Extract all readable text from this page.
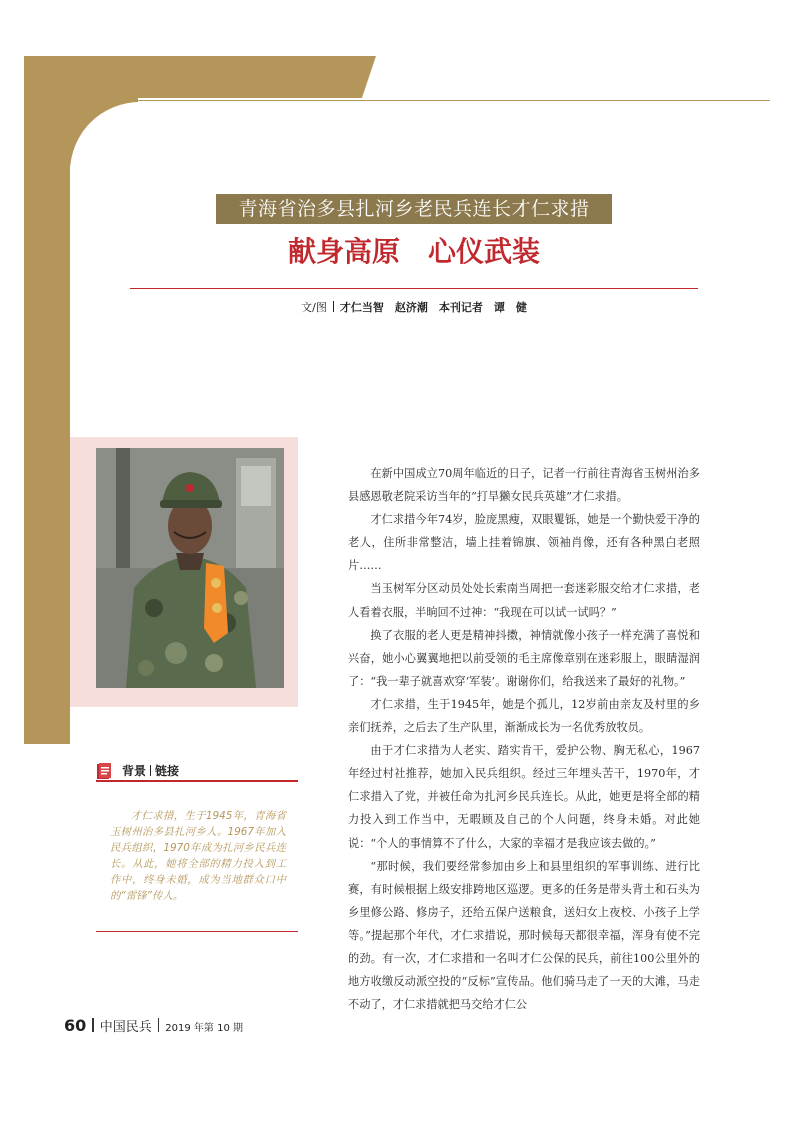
青海省治多县扎河乡老民兵连长才仁求措
献身高原　心仪武装
文/图 才仁当智　赵济潮　本刊记者　谭　健
背景 链接
才仁求措，生于1945年，青海省玉树州治多县扎河乡人。1967年加入民兵组织，1970年成为扎河乡民兵连长。从此，她将全部的精力投入到工作中，终身未婚，成为当地群众口中的“雷锋”传人。

在新中国成立70周年临近的日子，记者一行前往青海省玉树州治多县感恩敬老院采访当年的“打旱獭女民兵英雄”才仁求措。

才仁求措今年74岁，脸庞黑瘦，双眼矍铄，她是一个勤快爱干净的老人，住所非常整洁，墙上挂着锦旗、领袖肖像，还有各种黑白老照片……

当玉树军分区动员处处长索南当周把一套迷彩服交给才仁求措，老人看着衣服，半晌回不过神：“我现在可以试一试吗？”

换了衣服的老人更是精神抖擞，神情就像小孩子一样充满了喜悦和兴奋，她小心翼翼地把以前受领的毛主席像章别在迷彩服上，眼睛湿润了：“我一辈子就喜欢穿‘军装’。谢谢你们，给我送来了最好的礼物。”

才仁求措，生于1945年，她是个孤儿，12岁前由亲友及村里的乡亲们抚养，之后去了生产队里，渐渐成长为一名优秀放牧员。

由于才仁求措为人老实、踏实肯干，爱护公物、胸无私心，1967年经过村社推荐，她加入民兵组织。经过三年埋头苦干，1970年，才仁求措入了党，并被任命为扎河乡民兵连长。从此，她更是将全部的精力投入到工作当中，无暇顾及自己的个人问题，终身未婚。对此她说：“个人的事情算不了什么，大家的幸福才是我应该去做的。”

“那时候，我们要经常参加由乡上和县里组织的军事训练、进行比赛，有时候根据上级安排跨地区巡逻。更多的任务是带头背土和石头为乡里修公路、修房子，还给五保户送粮食，送妇女上夜校、小孩子上学等。”提起那个年代，才仁求措说，那时候每天都很幸福，浑身有使不完的劲。有一次，才仁求措和一名叫才仁公保的民兵，前往100公里外的地方收缴反动派空投的“反标”宣传品。他们骑马走了一天的大滩，马走不动了，才仁求措就把马交给才仁公

60 中国民兵 2019 年第 10 期
